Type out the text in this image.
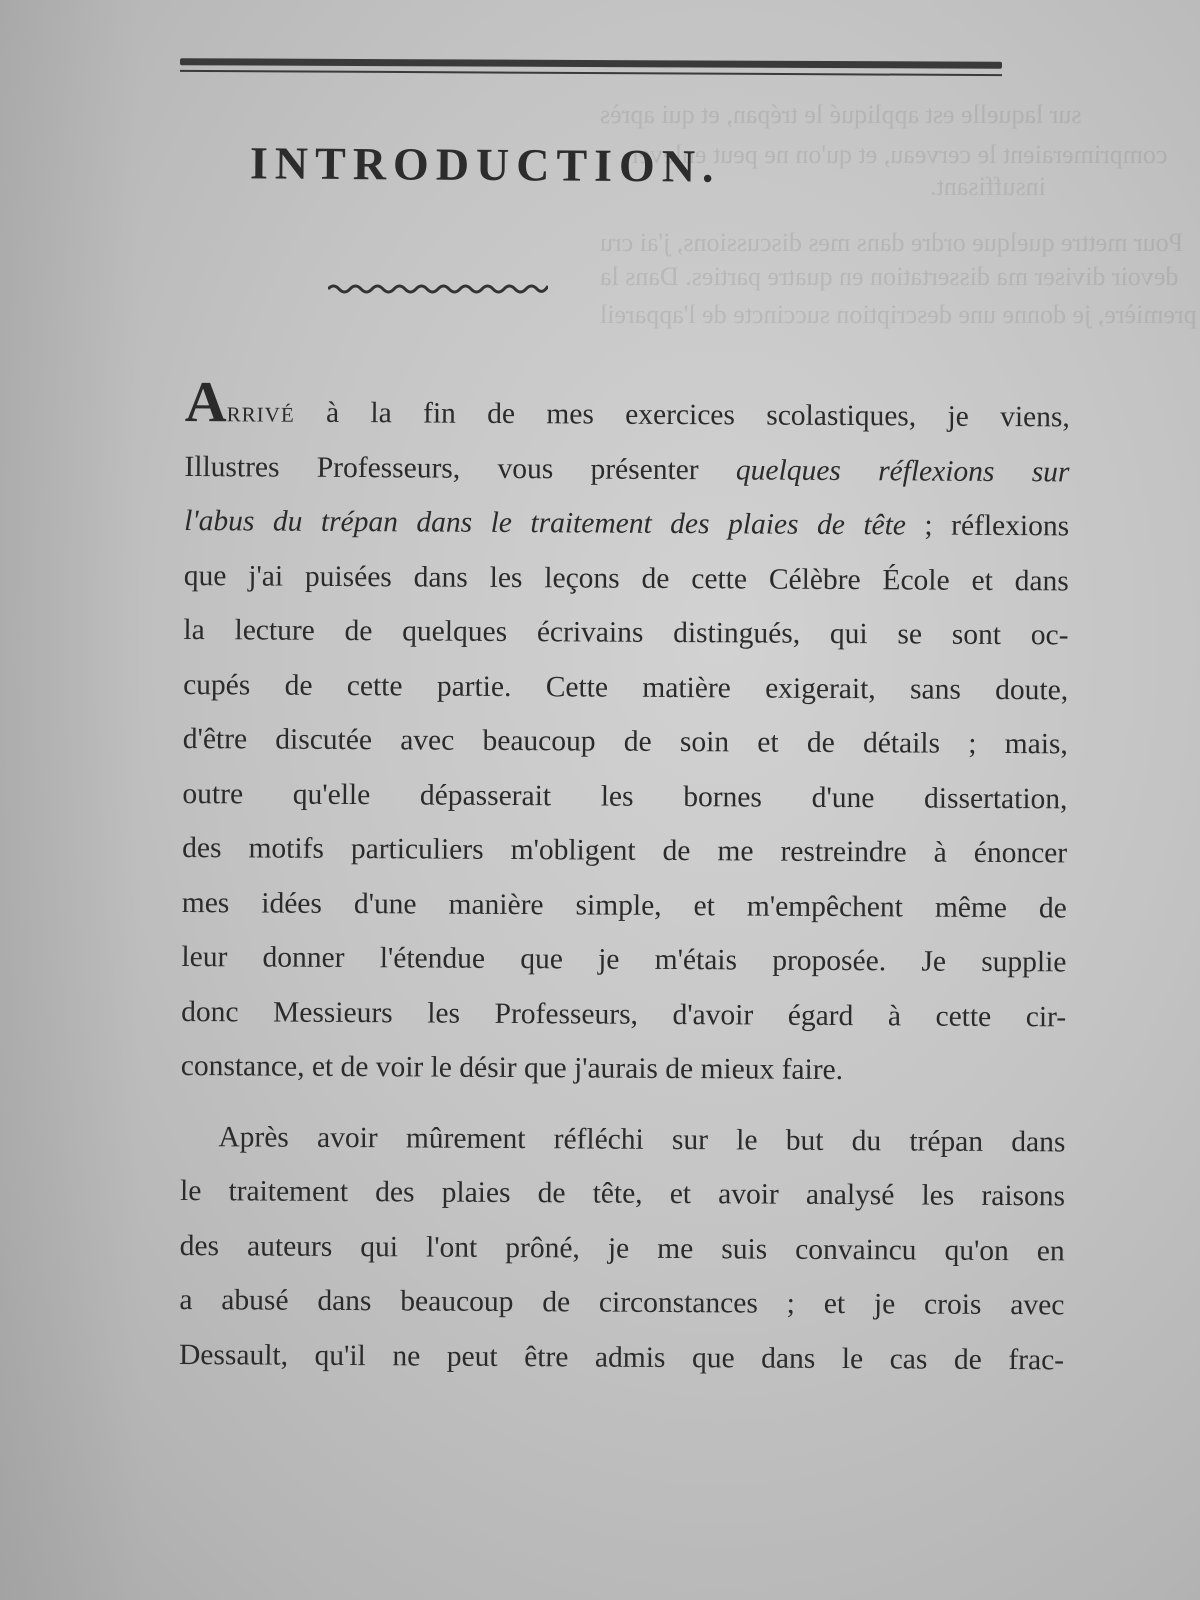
sur laquelle est appliqué le trépan, et qui après
comprimeraient le cerveau, et qu'on ne peut enlever
insuffisant.
Pour mettre quelque ordre dans mes discussions, j'ai cru
devoir diviser ma dissertation en quatre parties. Dans la
première, je donne une description succincte de l'appareil
INTRODUCTION.
Arrivé à la fin de mes exercices scolastiques, je viens,
Illustres Professeurs, vous présenter quelques réflexions sur
l'abus du trépan dans le traitement des plaies de tête ; réflexions
que j'ai puisées dans les leçons de cette Célèbre École et dans
la lecture de quelques écrivains distingués, qui se sont oc-
cupés de cette partie. Cette matière exigerait, sans doute,
d'être discutée avec beaucoup de soin et de détails ; mais,
outre qu'elle dépasserait les bornes d'une dissertation,
des motifs particuliers m'obligent de me restreindre à énoncer
mes idées d'une manière simple, et m'empêchent même de
leur donner l'étendue que je m'étais proposée. Je supplie
donc Messieurs les Professeurs, d'avoir égard à cette cir-
constance, et de voir le désir que j'aurais de mieux faire.
Après avoir mûrement réfléchi sur le but du trépan dans
le traitement des plaies de tête, et avoir analysé les raisons
des auteurs qui l'ont prôné, je me suis convaincu qu'on en
a abusé dans beaucoup de circonstances ; et je crois avec
Dessault, qu'il ne peut être admis que dans le cas de frac-
